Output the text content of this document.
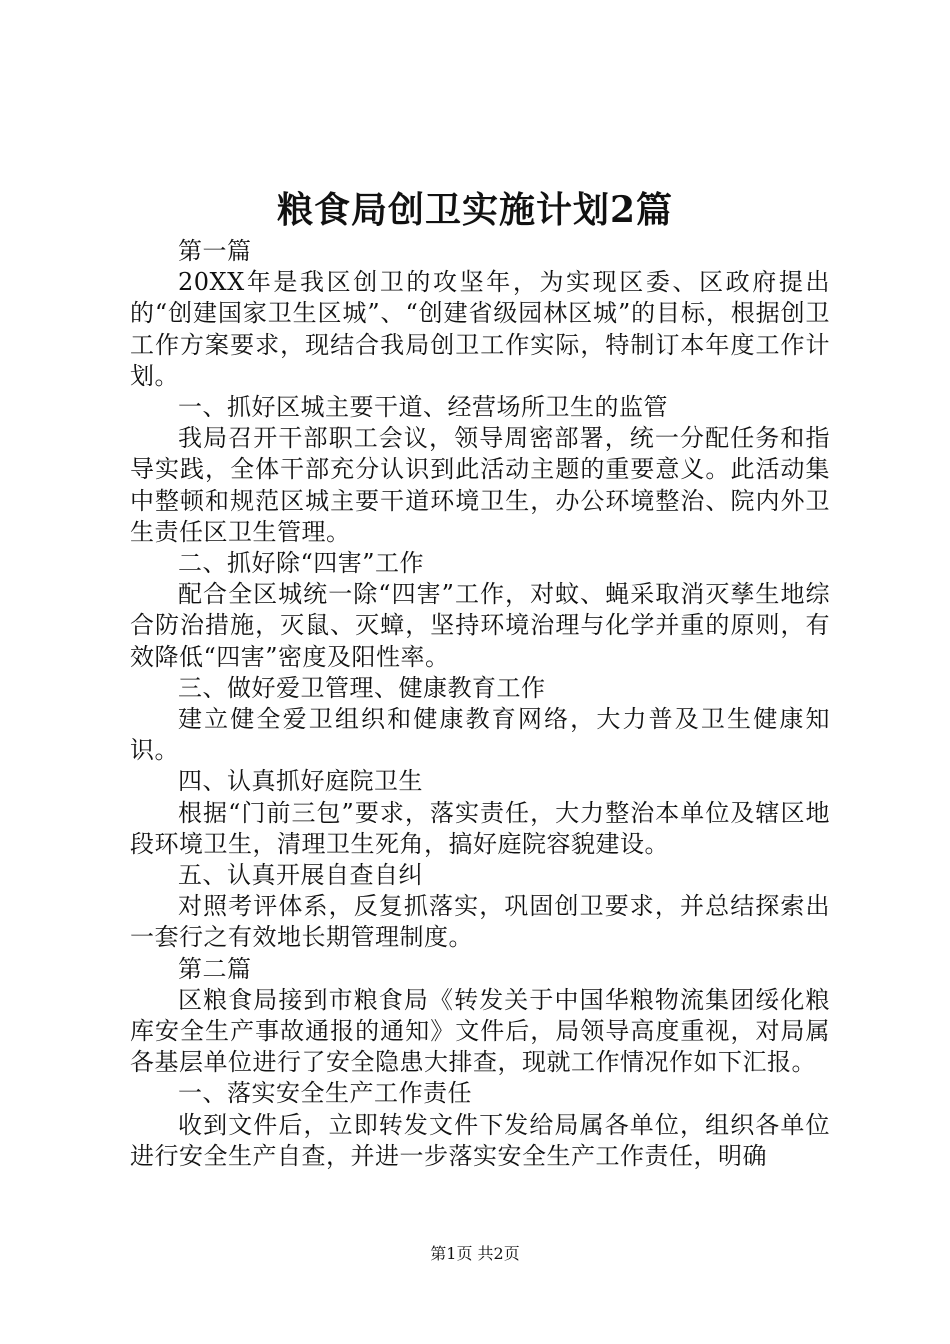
粮食局创卫实施计划2篇

第一篇

20XX年是我区创卫的攻坚年，为实现区委、区政府提出的“创建国家卫生区城”、“创建省级园林区城”的目标，根据创卫工作方案要求，现结合我局创卫工作实际，特制订本年度工作计划。

一、抓好区城主要干道、经营场所卫生的监管

我局召开干部职工会议，领导周密部署，统一分配任务和指导实践，全体干部充分认识到此活动主题的重要意义。此活动集中整顿和规范区城主要干道环境卫生，办公环境整治、院内外卫生责任区卫生管理。

二、抓好除“四害”工作

配合全区城统一除“四害”工作，对蚊、蝇采取消灭孳生地综合防治措施，灭鼠、灭蟑，坚持环境治理与化学并重的原则，有效降低“四害”密度及阳性率。

三、做好爱卫管理、健康教育工作

建立健全爱卫组织和健康教育网络，大力普及卫生健康知识。

四、认真抓好庭院卫生

根据“门前三包”要求，落实责任，大力整治本单位及辖区地段环境卫生，清理卫生死角，搞好庭院容貌建设。

五、认真开展自查自纠

对照考评体系，反复抓落实，巩固创卫要求，并总结探索出一套行之有效地长期管理制度。

第二篇

区粮食局接到市粮食局《转发关于中国华粮物流集团绥化粮库安全生产事故通报的通知》文件后，局领导高度重视，对局属各基层单位进行了安全隐患大排查，现就工作情况作如下汇报。

一、落实安全生产工作责任

收到文件后，立即转发文件下发给局属各单位，组织各单位进行安全生产自查，并进一步落实安全生产工作责任，明确

第1页 共2页
